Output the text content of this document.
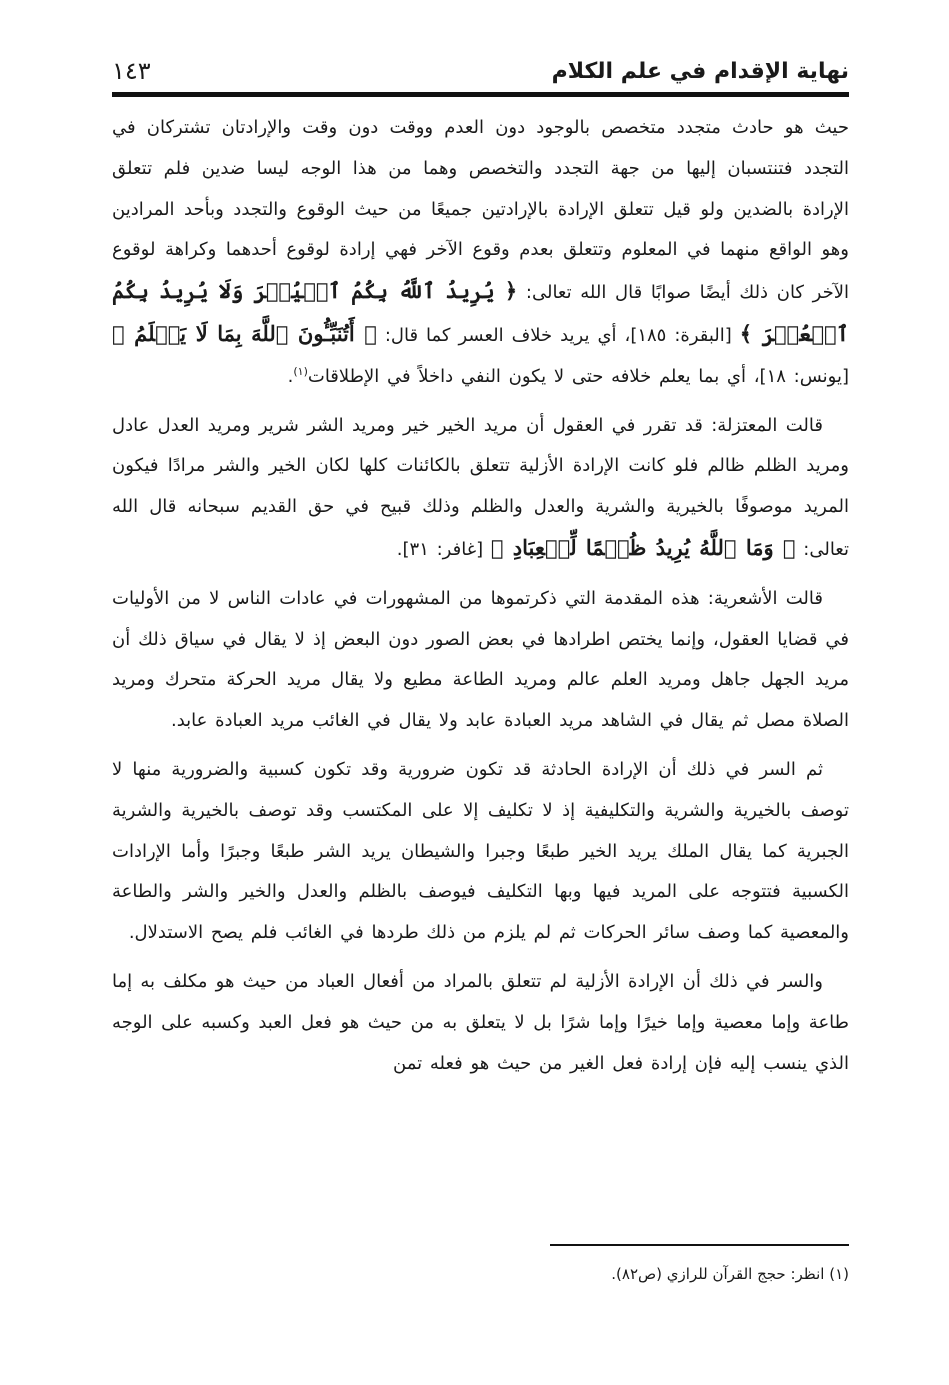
نهاية الإقدام في علم الكلام
١٤٣

حيث هو حادث متجدد متخصص بالوجود دون العدم ووقت دون وقت والإرادتان تشتركان في التجدد فتنتسبان إليها من جهة التجدد والتخصص وهما من هذا الوجه ليسا ضدين فلم تتعلق الإرادة بالضدين ولو قيل تتعلق الإرادة بالإرادتين جميعًا من حيث الوقوع والتجدد وبأحد المرادين وهو الواقع منهما في المعلوم وتتعلق بعدم وقوع الآخر فهي إرادة لوقوع أحدهما وكراهة لوقوع الآخر كان ذلك أيضًا صوابًا قال الله تعالى: ﴿ يُرِيدُ ٱللَّهُ بِكُمُ ٱلۡيُسۡرَ وَلَا يُرِيدُ بِكُمُ ٱلۡعُسۡرَ ﴾ [البقرة: ١٨٥]، أي يريد خلاف العسر كما قال: ﴿ أَتُنَبِّـُٔونَ ٱللَّهَ بِمَا لَا يَعۡلَمُ ﴾ [يونس: ١٨]، أي بما يعلم خلافه حتى لا يكون النفي داخلاً في الإطلاقات$^{(١)}$.

قالت المعتزلة: قد تقرر في العقول أن مريد الخير خير ومريد الشر شرير ومريد العدل عادل ومريد الظلم ظالم فلو كانت الإرادة الأزلية تتعلق بالكائنات كلها لكان الخير والشر مرادًا فيكون المريد موصوفًا بالخيرية والشرية والعدل والظلم وذلك قبيح في حق القديم سبحانه قال الله تعالى: ﴿ وَمَا ٱللَّهُ يُرِيدُ ظُلۡمًا لِّلۡعِبَادِ ﴾ [غافر: ٣١].

قالت الأشعرية: هذه المقدمة التي ذكرتموها من المشهورات في عادات الناس لا من الأوليات في قضايا العقول، وإنما يختص اطرادها في بعض الصور دون البعض إذ لا يقال في سياق ذلك أن مريد الجهل جاهل ومريد العلم عالم ومريد الطاعة مطيع ولا يقال مريد الحركة متحرك ومريد الصلاة مصل ثم يقال في الشاهد مريد العبادة عابد ولا يقال في الغائب مريد العبادة عابد.

ثم السر في ذلك أن الإرادة الحادثة قد تكون ضرورية وقد تكون كسبية والضرورية منها لا توصف بالخيرية والشرية والتكليفية إذ لا تكليف إلا على المكتسب وقد توصف بالخيرية والشرية الجبرية كما يقال الملك يريد الخير طبعًا وجبرا والشيطان يريد الشر طبعًا وجبرًا وأما الإرادات الكسبية فتتوجه على المريد فيها وبها التكليف فيوصف بالظلم والعدل والخير والشر والطاعة والمعصية كما وصف سائر الحركات ثم لم يلزم من ذلك طردها في الغائب فلم يصح الاستدلال.

والسر في ذلك أن الإرادة الأزلية لم تتعلق بالمراد من أفعال العباد من حيث هو مكلف به إما طاعة وإما معصية وإما خيرًا وإما شرًا بل لا يتعلق به من حيث هو فعل العبد وكسبه على الوجه الذي ينسب إليه فإن إرادة فعل الغير من حيث هو فعله تمن

(١) انظر: حجج القرآن للرازي (ص٨٢).
